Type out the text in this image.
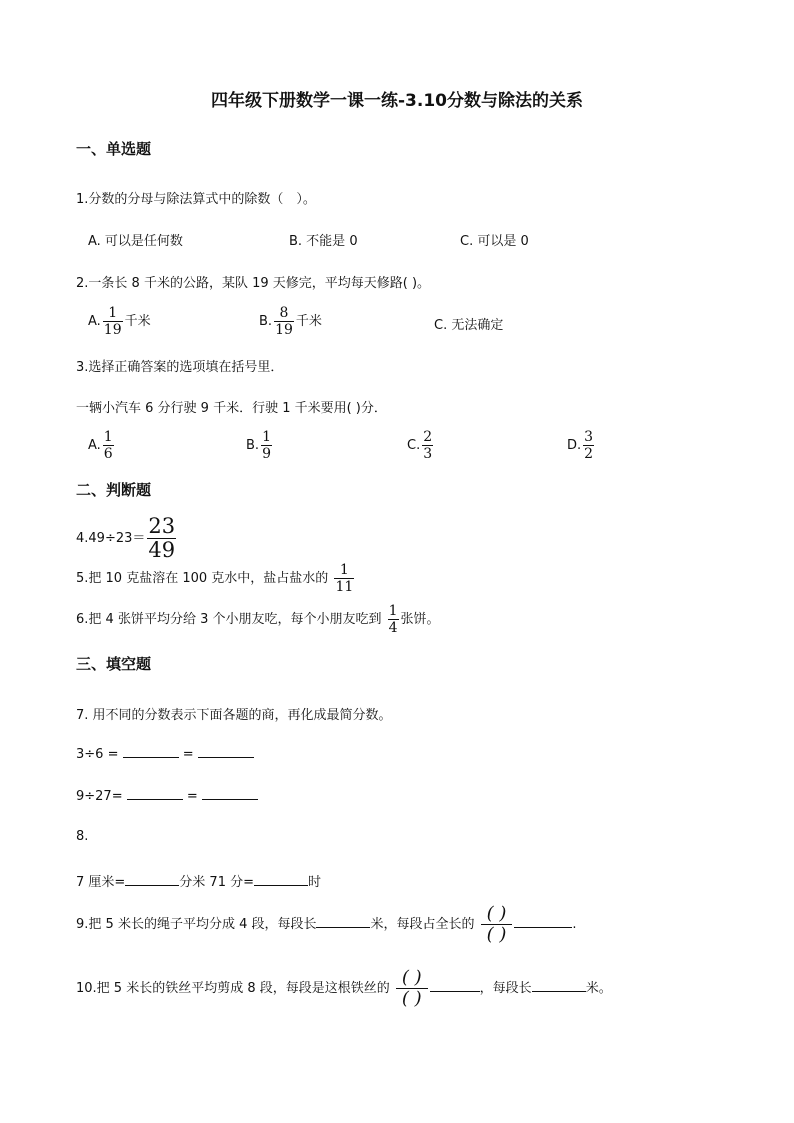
四年级下册数学一课一练-3.10分数与除法的关系
一、单选题
1.分数的分母与除法算式中的除数（　）。
A. 可以是任何数	B. 不能是 0	C. 可以是 0
2.一条长 8 千米的公路，某队 19 天修完，平均每天修路( )。
A. $\frac{1}{19}$ 千米	B. $\frac{8}{19}$ 千米	C. 无法确定
3.选择正确答案的选项填在括号里．
一辆小汽车 6 分行驶 9 千米．行驶 1 千米要用( )分．
A. $\frac{1}{6}$	B. $\frac{1}{9}$	C. $\frac{2}{3}$	D. $\frac{3}{2}$
二、判断题
$4.49\div 23= \frac{23}{49}$
5.把 10 克盐溶在 100 克水中，盐占盐水的 $\frac{1}{11}$
6.把 4 张饼平均分给 3 个小朋友吃，每个小朋友吃到 $\frac{1}{4}$ 张饼。
三、填空题
7. 用不同的分数表示下面各题的商，再化成最简分数。
3÷6 =	=
9÷27=	=
8.
7 厘米=	分米 71 分=	时
9.把 5 米长的绳子平均分成 4 段，每段长	米，每段占全长的 $\frac{( )}{( )}$	.
10.把 5 米长的铁丝平均剪成 8 段，每段是这根铁丝的 $\frac{( )}{( )}$	，每段长	米。
